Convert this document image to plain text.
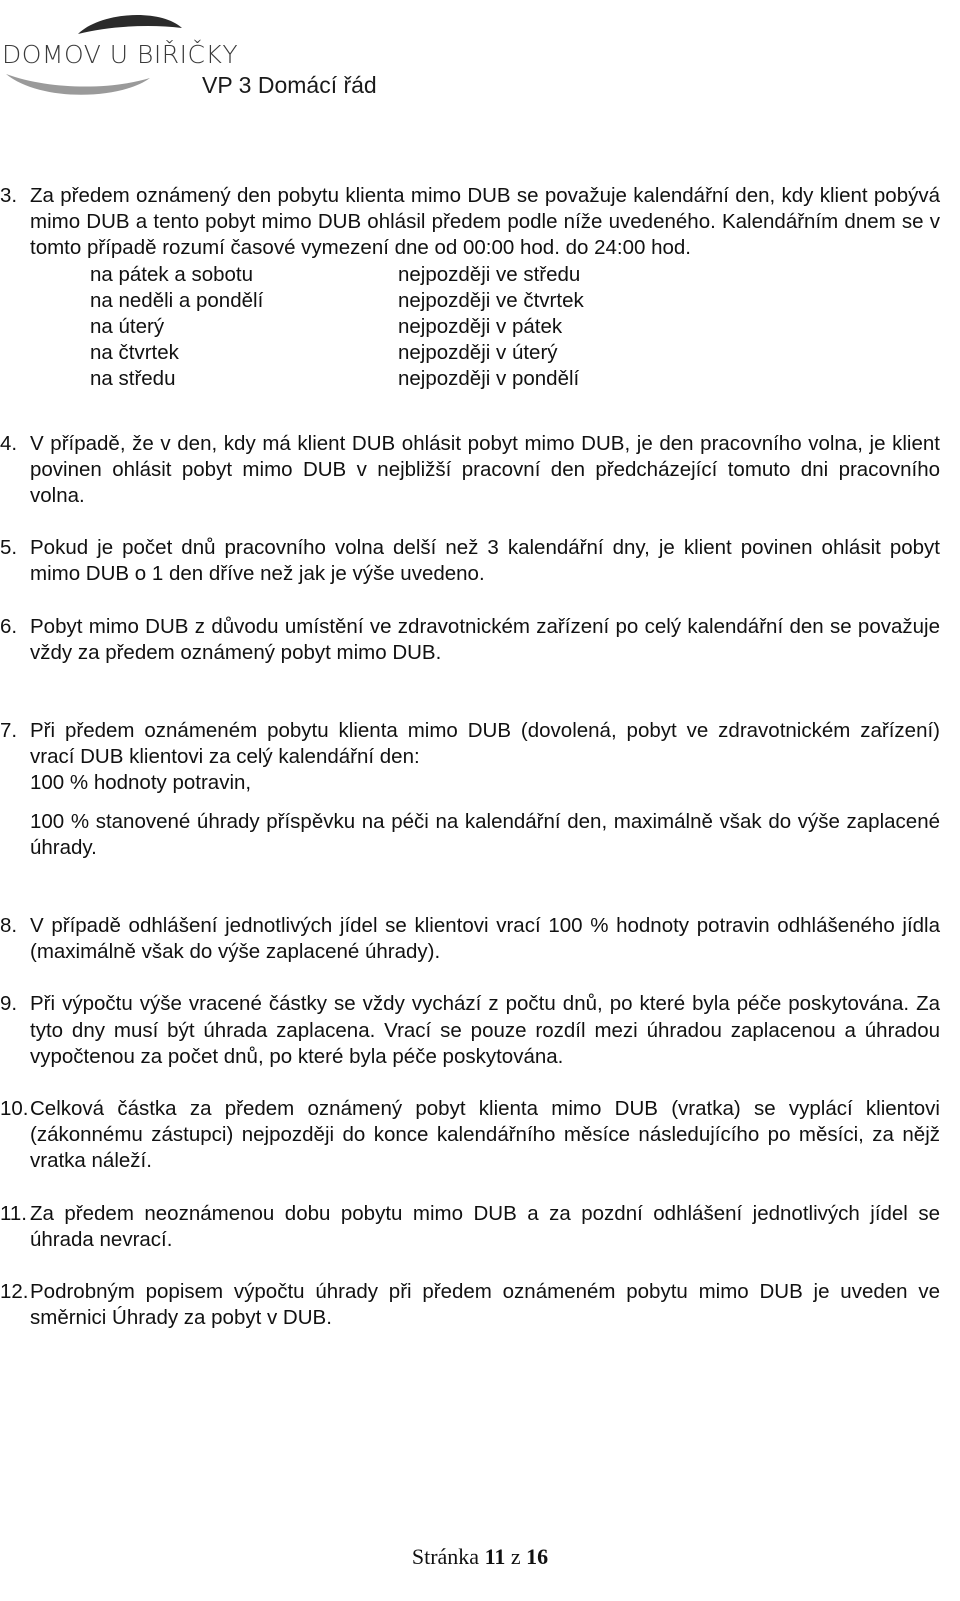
DOMOV U BIŘIČKY
VP 3 Domácí řád
3. Za předem oznámený den pobytu klienta mimo DUB se považuje kalendářní den, kdy klient pobývá mimo DUB a tento pobyt mimo DUB ohlásil předem podle níže uvedeného. Kalendářním dnem se v tomto případě rozumí časové vymezení dne od 00:00 hod. do 24:00 hod.
na pátek a sobotu	nejpozději ve středu
na neděli a pondělí	nejpozději ve čtvrtek
na úterý	nejpozději v pátek
na čtvrtek	nejpozději v úterý
na středu	nejpozději v pondělí
4. V případě, že v den, kdy má klient DUB ohlásit pobyt mimo DUB, je den pracovního volna, je klient povinen ohlásit pobyt mimo DUB v nejbližší pracovní den předcházející tomuto dni pracovního volna.
5. Pokud je počet dnů pracovního volna delší než 3 kalendářní dny, je klient povinen ohlásit pobyt mimo DUB o 1 den dříve než jak je výše uvedeno.
6. Pobyt mimo DUB z důvodu umístění ve zdravotnickém zařízení po celý kalendářní den se považuje vždy za předem oznámený pobyt mimo DUB.
7. Při předem oznámeném pobytu klienta mimo DUB (dovolená, pobyt ve zdravotnickém zařízení) vrací DUB klientovi za celý kalendářní den:
100 % hodnoty potravin,
100 % stanovené úhrady příspěvku na péči na kalendářní den, maximálně však do výše zaplacené úhrady.
8. V případě odhlášení jednotlivých jídel se klientovi vrací 100 % hodnoty potravin odhlášeného jídla (maximálně však do výše zaplacené úhrady).
9. Při výpočtu výše vracené částky se vždy vychází z počtu dnů, po které byla péče poskytována. Za tyto dny musí být úhrada zaplacena. Vrací se pouze rozdíl mezi úhradou zaplacenou a úhradou vypočtenou za počet dnů, po které byla péče poskytována.
10. Celková částka za předem oznámený pobyt klienta mimo DUB (vratka) se vyplácí klientovi (zákonnému zástupci) nejpozději do konce kalendářního měsíce následujícího po měsíci, za nějž vratka náleží.
11. Za předem neoznámenou dobu pobytu mimo DUB a za pozdní odhlášení jednotlivých jídel se úhrada nevrací.
12. Podrobným popisem výpočtu úhrady při předem oznámeném pobytu mimo DUB je uveden ve směrnici Úhrady za pobyt v DUB.
Stránka 11 z 16
